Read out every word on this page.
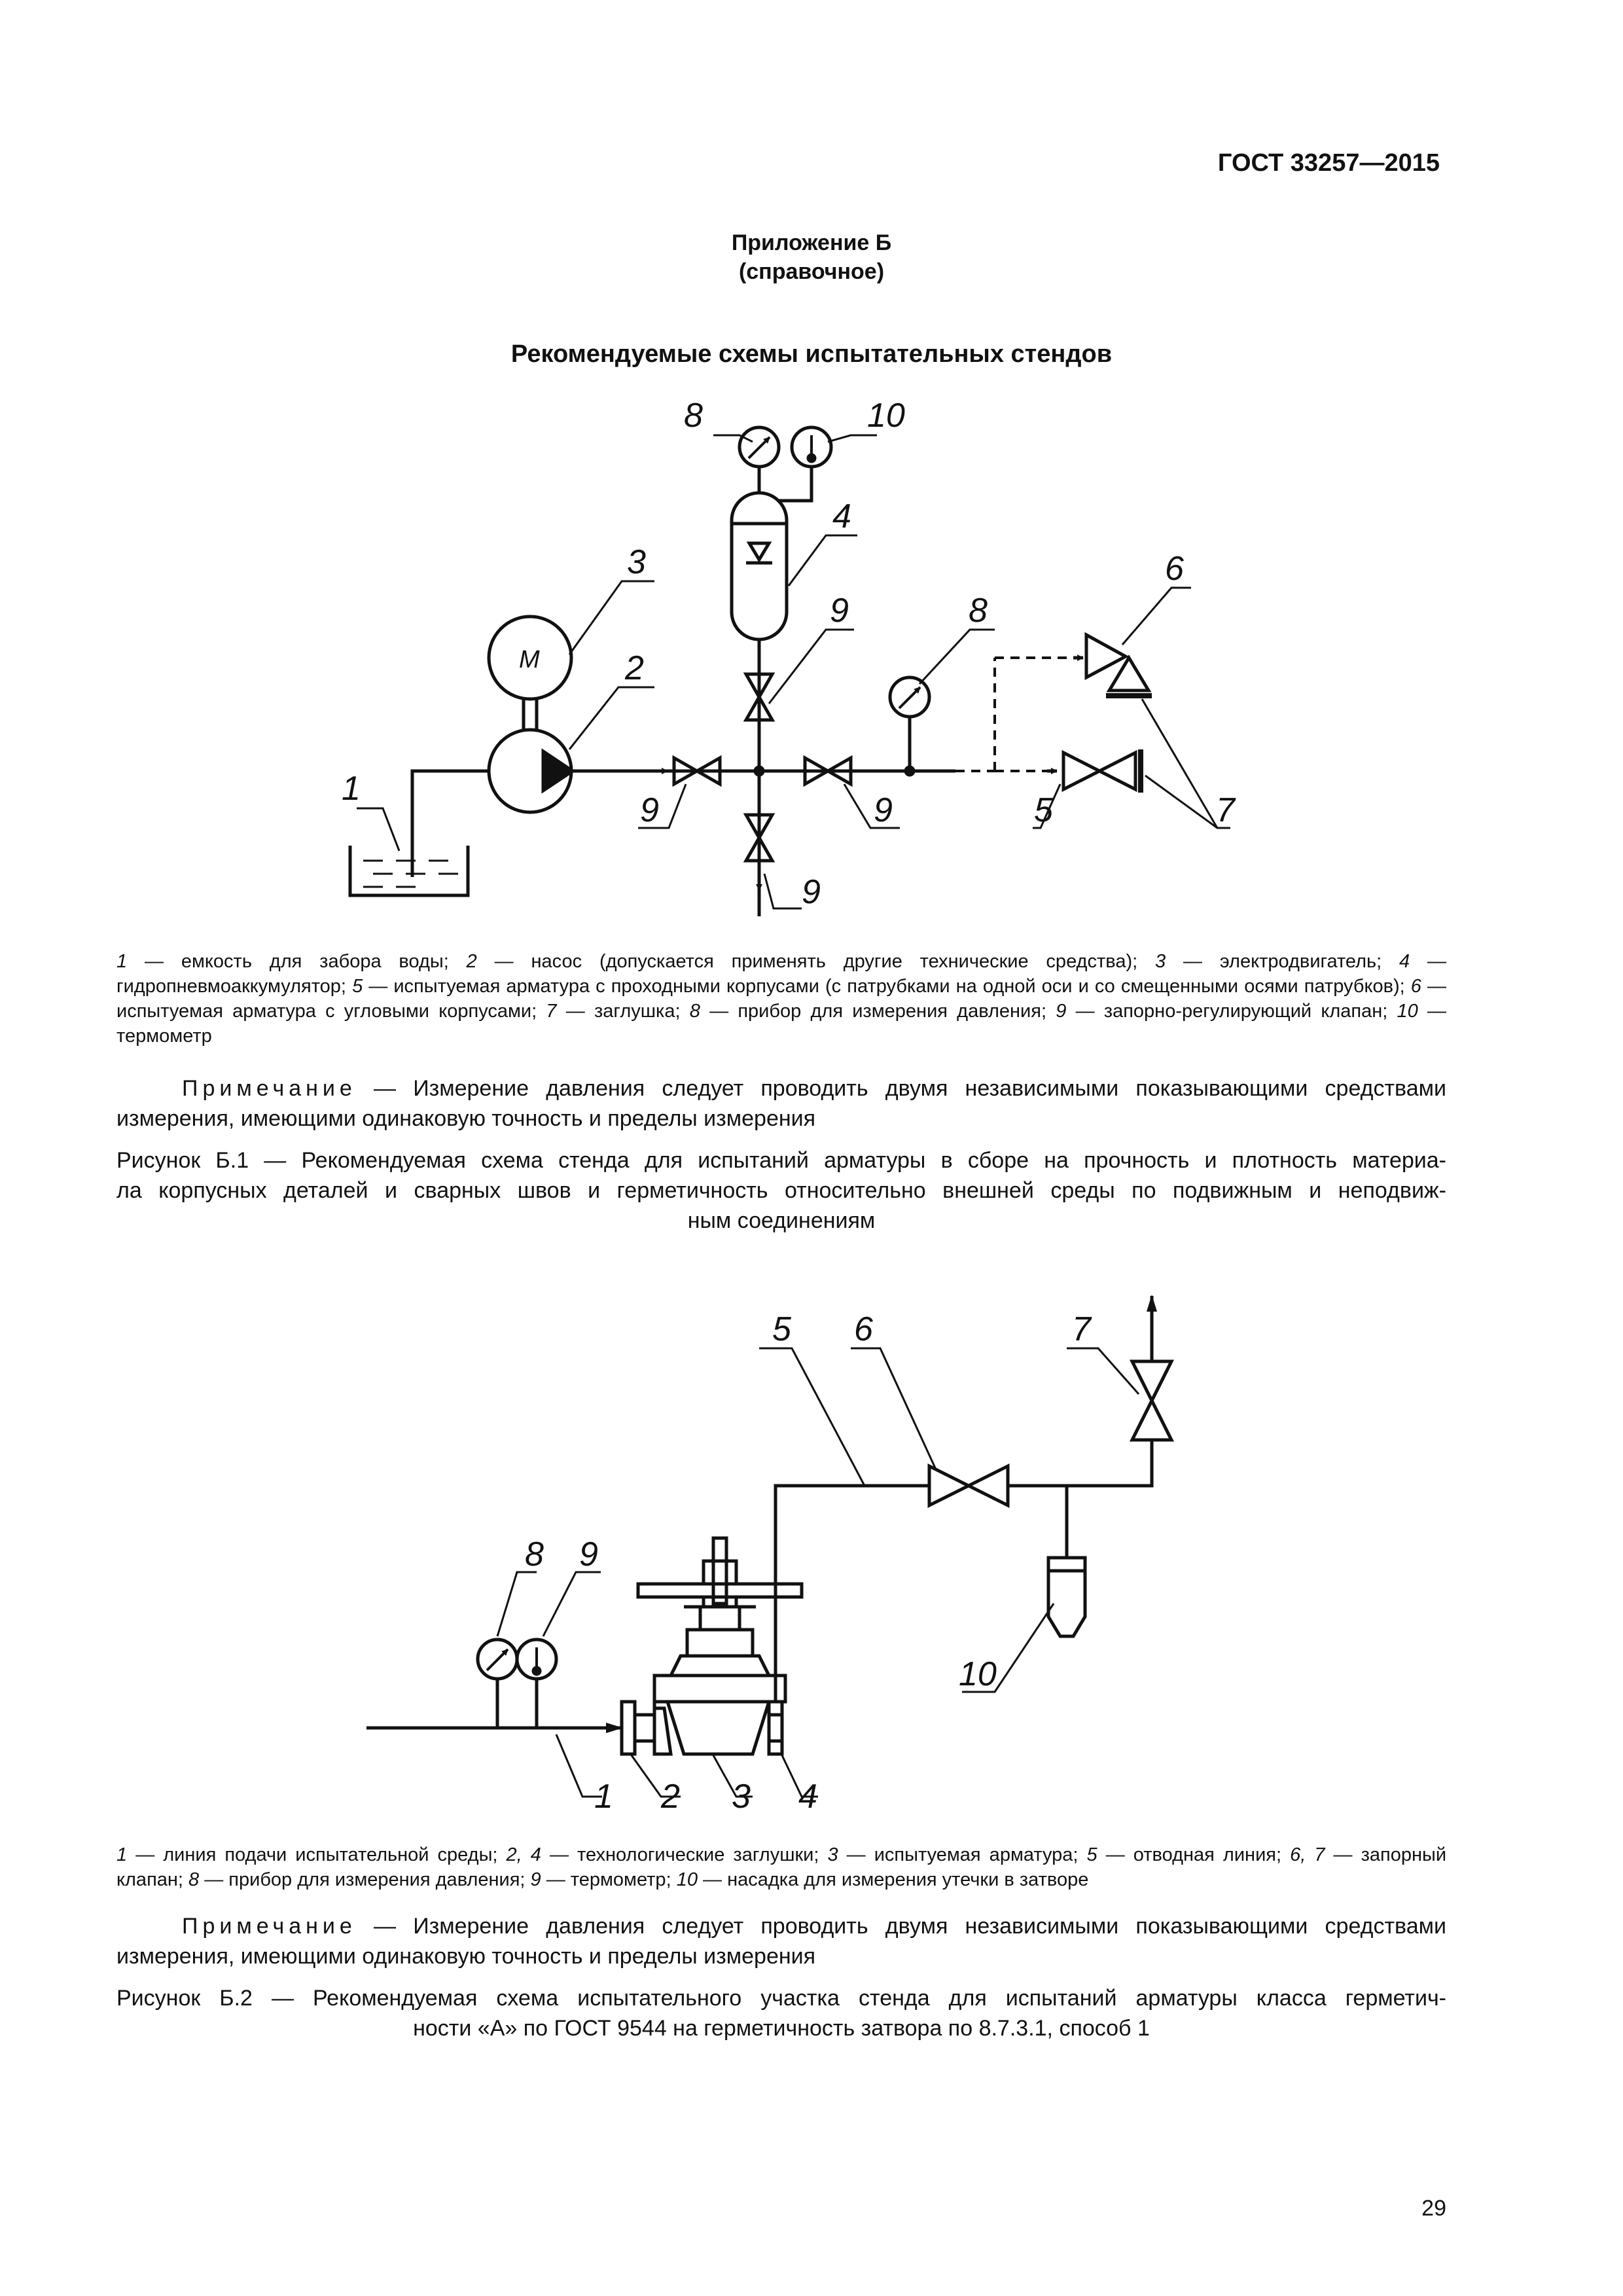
ГОСТ 33257—2015
Приложение Б
(справочное)
Рекомендуемые схемы испытательных стендов
1
2
3
4
5
6
7
8
8
9
9	9
9
10
М
1 2 3 4
5 6	7
8 9
10
1 — емкость для забора воды; 2 — насос (допускается применять другие технические средства); 3 — электродвигатель; 4 — гидропневмоаккумулятор; 5 — испытуемая арматура с проходными корпусами (с патрубками на одной оси и со смещенными осями патрубков); 6 — испытуемая арматура с угловыми корпусами; 7 — заглушка; 8 — прибор для измерения давления; 9 — запорно-регулирующий клапан; 10 — термометр
Примечание — Измерение давления следует проводить двумя независимыми показывающими средствами измерения, имеющими одинаковую точность и пределы измерения
Рисунок Б.1 — Рекомендуемая схема стенда для испытаний арматуры в сборе на прочность и плотность материа-
ла корпусных деталей и сварных швов и герметичность относительно внешней среды по подвижным и неподвиж-
ным соединениям
1 — линия подачи испытательной среды; 2, 4 — технологические заглушки; 3 — испытуемая арматура; 5 — отводная линия; 6, 7 — запорный клапан; 8 — прибор для измерения давления; 9 — термометр; 10 — насадка для измерения утечки в затворе
Примечание — Измерение давления следует проводить двумя независимыми показывающими средствами измерения, имеющими одинаковую точность и пределы измерения
Рисунок Б.2 — Рекомендуемая схема испытательного участка стенда для испытаний арматуры класса герметич-
ности «А» по ГОСТ 9544 на герметичность затвора по 8.7.3.1, способ 1
29
